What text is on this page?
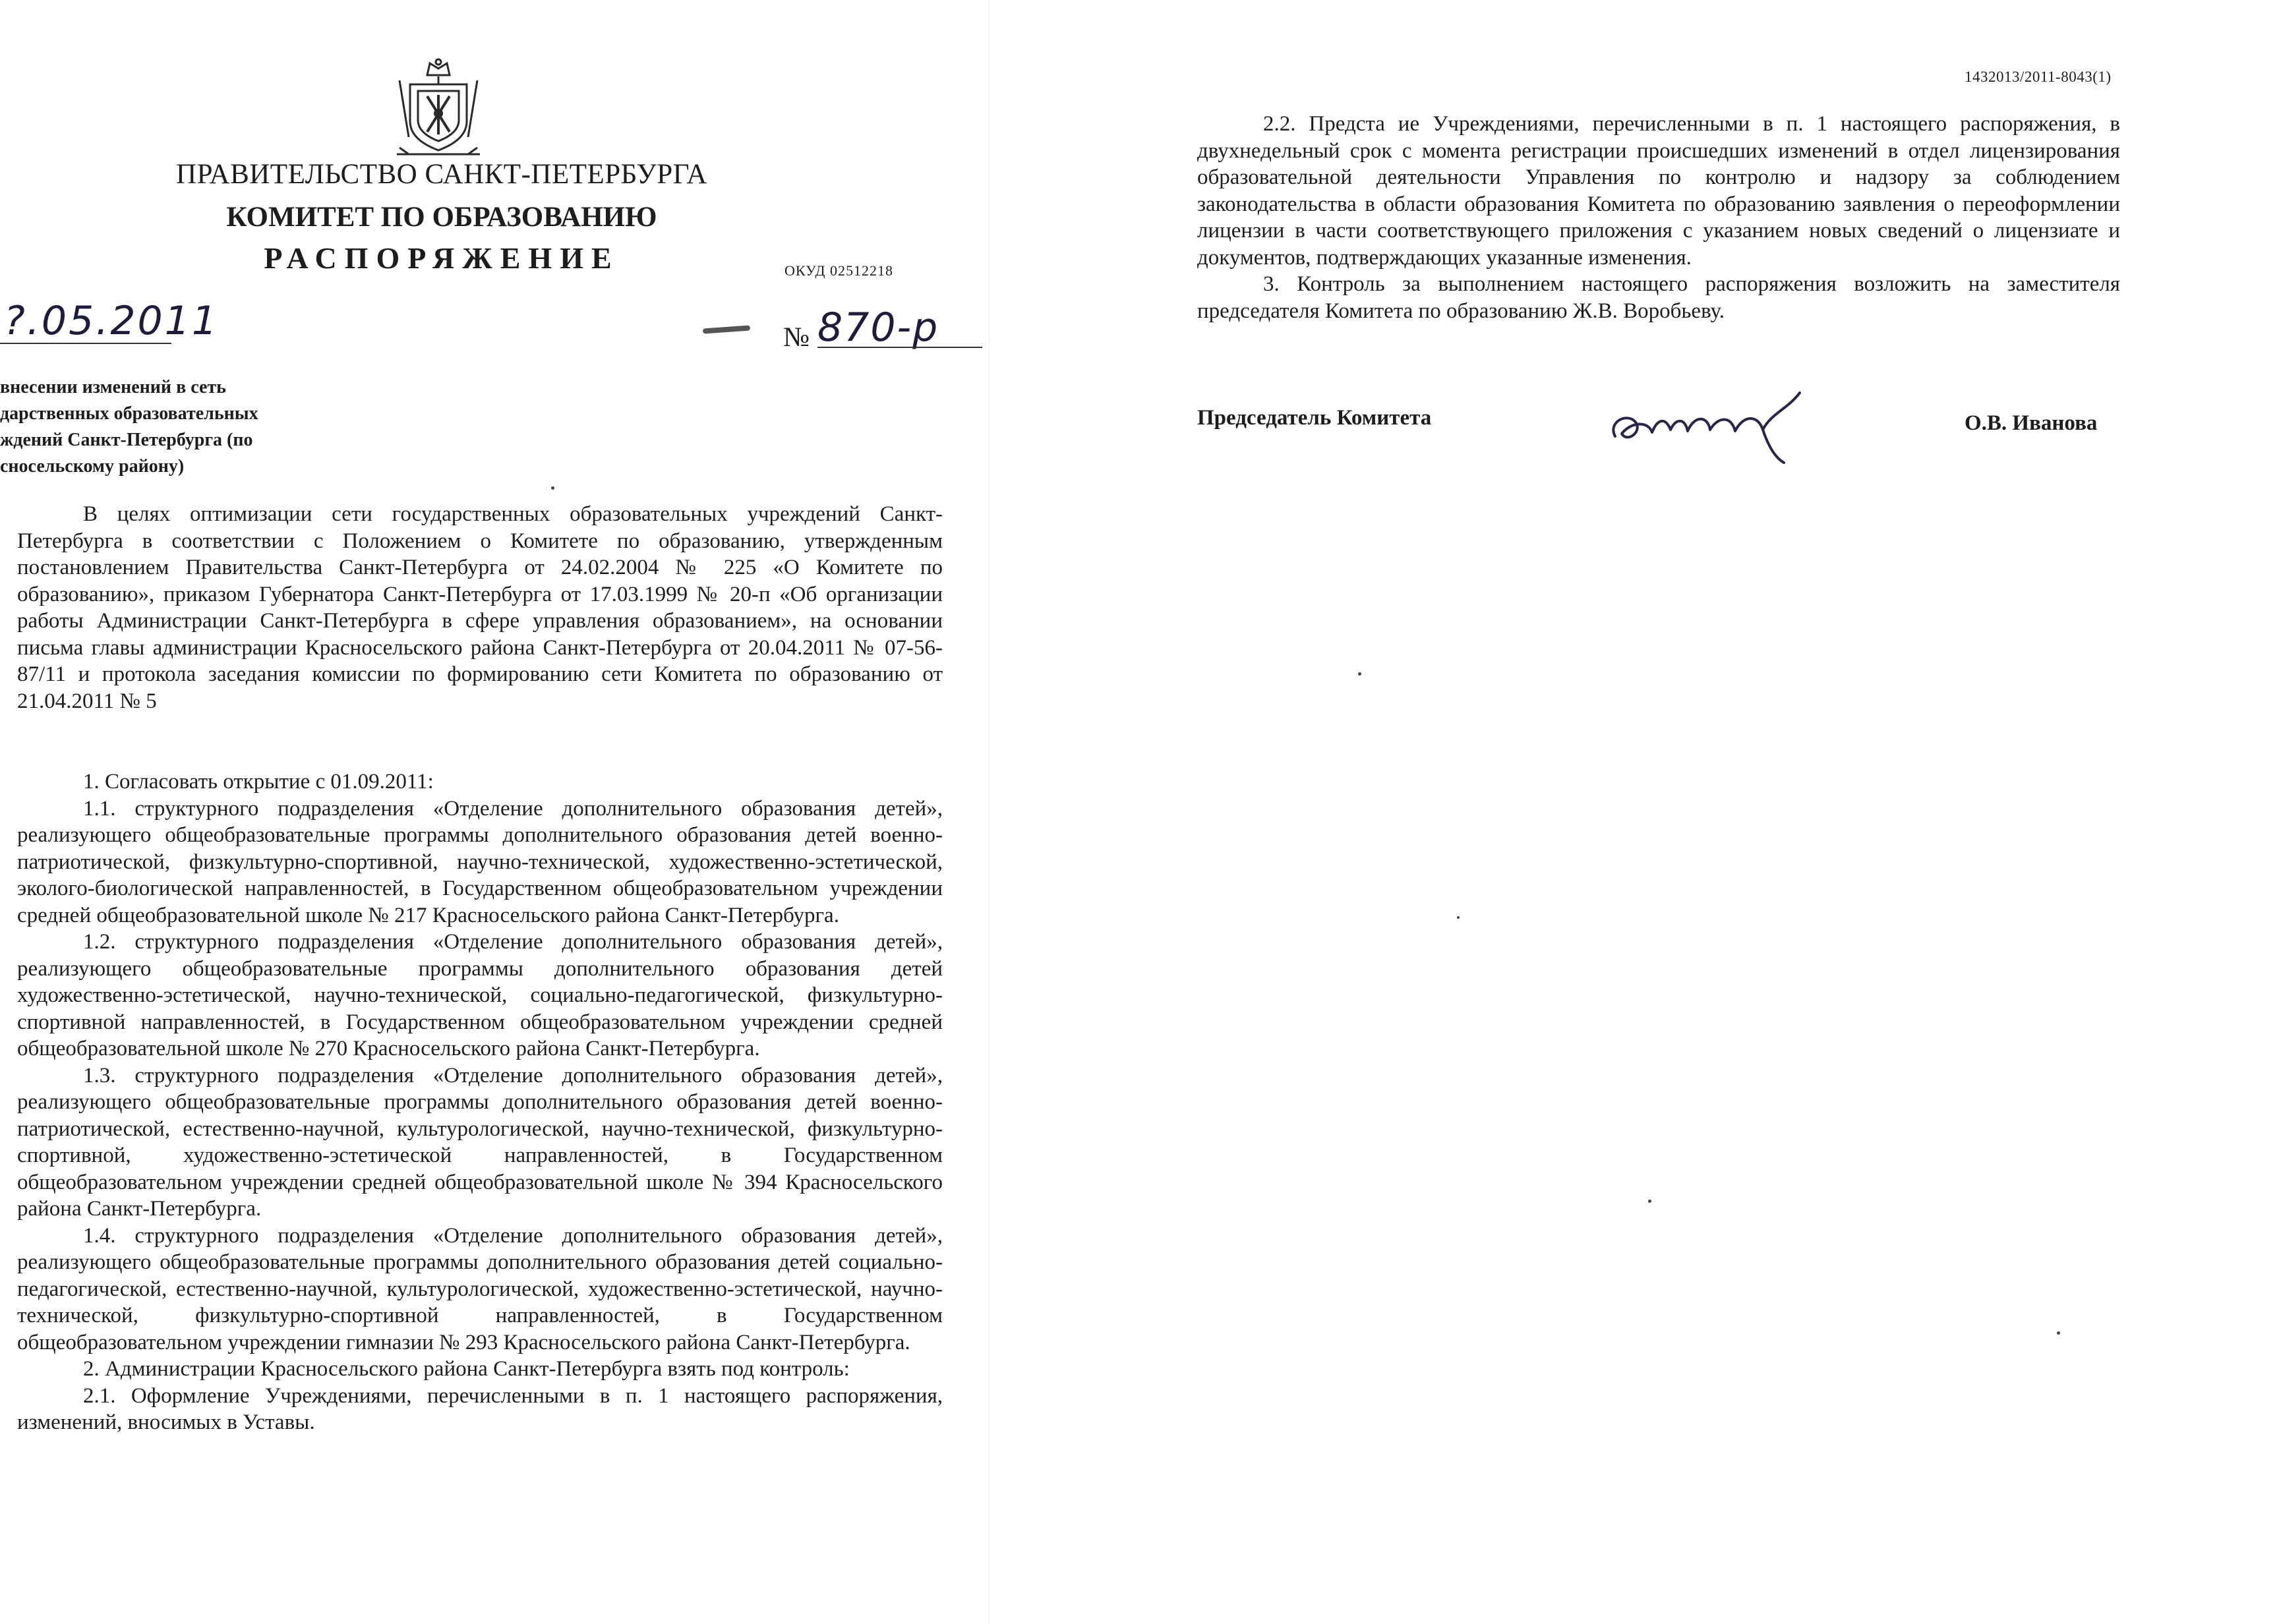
ПРАВИТЕЛЬСТВО САНКТ-ПЕТЕРБУРГА
КОМИТЕТ ПО ОБРАЗОВАНИЮ
РАСПОРЯЖЕНИЕ	ОКУД 02512218
?.05.2011	№ 870-р
внесении изменений в сеть
дарственных образовательных
ждений Санкт-Петербурга (по
сносельскому району)

В целях оптимизации сети государственных образовательных учреждений Санкт-Петербурга в соответствии с Положением о Комитете по образованию, утвержденным постановлением Правительства Санкт-Петербурга от 24.02.2004 № 225 «О Комитете по образованию», приказом Губернатора Санкт-Петербурга от 17.03.1999 № 20-п «Об организации работы Администрации Санкт-Петербурга в сфере управления образованием», на основании письма главы администрации Красносельского района Санкт-Петербурга от 20.04.2011 № 07-56-87/11 и протокола заседания комиссии по формированию сети Комитета по образованию от 21.04.2011 № 5

1. Согласовать открытие с 01.09.2011:

1.1. структурного подразделения «Отделение дополнительного образования детей», реализующего общеобразовательные программы дополнительного образования детей военно-патриотической, физкультурно-спортивной, научно-технической, художественно-эстетической, эколого-биологической направленностей, в Государственном общеобразовательном учреждении средней общеобразовательной школе № 217 Красносельского района Санкт-Петербурга.

1.2. структурного подразделения «Отделение дополнительного образования детей», реализующего общеобразовательные программы дополнительного образования детей художественно-эстетической, научно-технической, социально-педагогической, физкультурно-спортивной направленностей, в Государственном общеобразовательном учреждении средней общеобразовательной школе № 270 Красносельского района Санкт-Петербурга.

1.3. структурного подразделения «Отделение дополнительного образования детей», реализующего общеобразовательные программы дополнительного образования детей военно-патриотической, естественно-научной, культурологической, научно-технической, физкультурно-спортивной, художественно-эстетической направленностей, в Государственном общеобразовательном учреждении средней общеобразовательной школе № 394 Красносельского района Санкт-Петербурга.

1.4. структурного подразделения «Отделение дополнительного образования детей», реализующего общеобразовательные программы дополнительного образования детей социально-педагогической, естественно-научной, культурологической, художественно-эстетической, научно-технической, физкультурно-спортивной направленностей, в Государственном общеобразовательном учреждении гимназии № 293 Красносельского района Санкт-Петербурга.

2. Администрации Красносельского района Санкт-Петербурга взять под контроль:

2.1. Оформление Учреждениями, перечисленными в п. 1 настоящего распоряжения, изменений, вносимых в Уставы.

1432013/2011-8043(1)

2.2. Предста ие Учреждениями, перечисленными в п. 1 настоящего распоряжения, в двухнедельный срок с момента регистрации происшедших изменений в отдел лицензирования образовательной деятельности Управления по контролю и надзору за соблюдением законодательства в области образования Комитета по образованию заявления о переоформлении лицензии в части соответствующего приложения с указанием новых сведений о лицензиате и документов, подтверждающих указанные изменения.

3. Контроль за выполнением настоящего распоряжения возложить на заместителя председателя Комитета по образованию Ж.В. Воробьеву.

Председатель Комитета	О.В. Иванова
